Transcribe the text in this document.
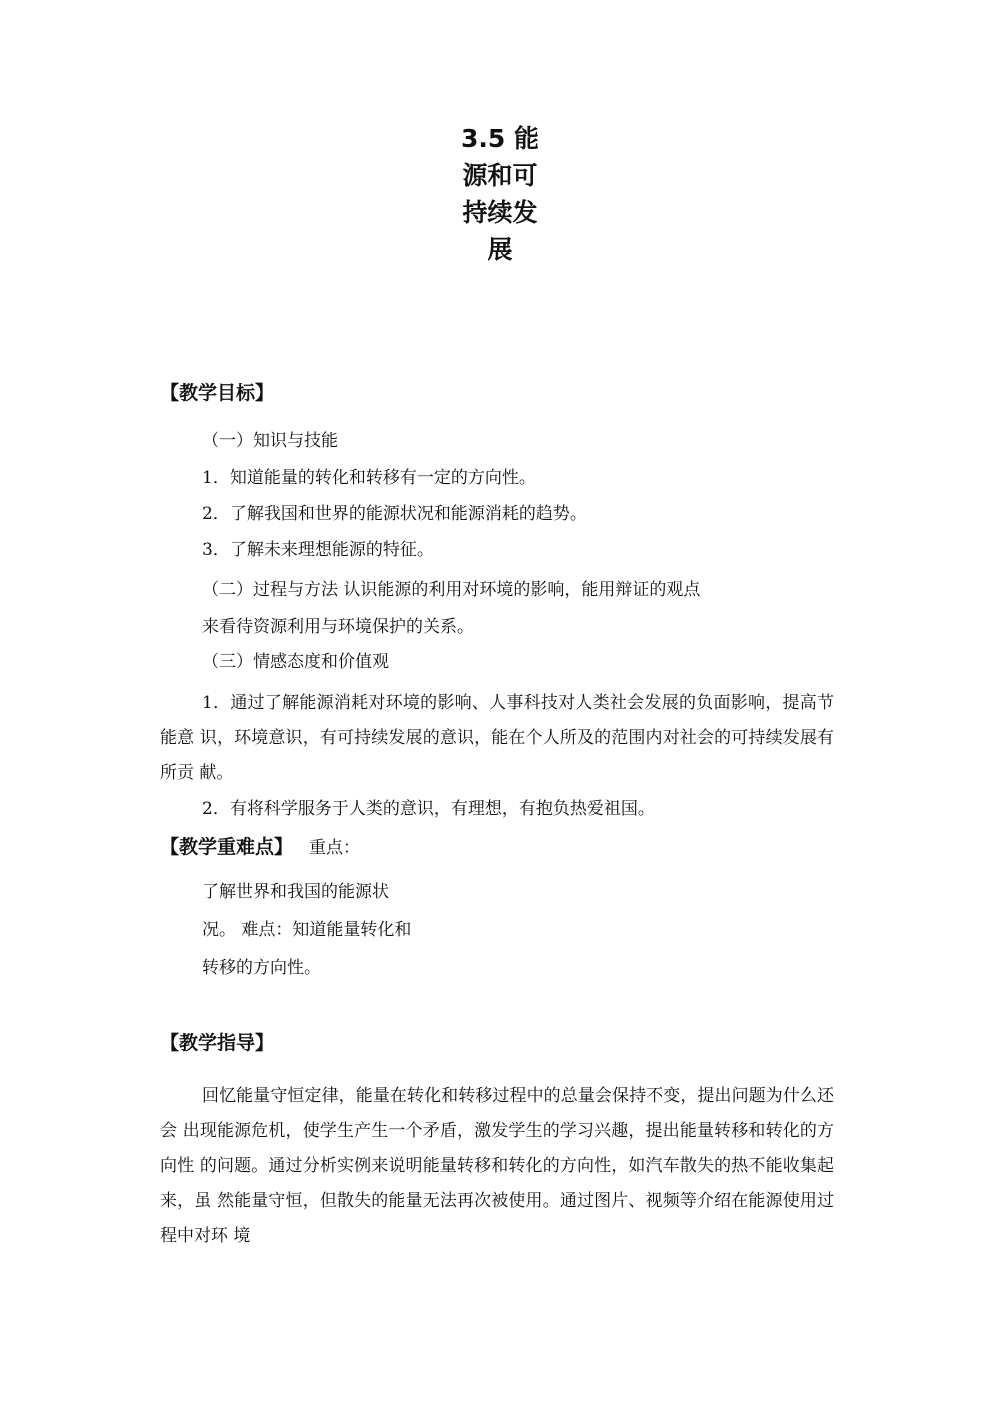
3.5 能
源和可
持续发
展
【教学目标】
（一）知识与技能
1．知道能量的转化和转移有一定的方向性。
2．了解我国和世界的能源状况和能源消耗的趋势。
3．了解未来理想能源的特征。
（二）过程与方法 认识能源的利用对环境的影响，能用辩证的观点
来看待资源利用与环境保护的关系。
（三）情感态度和价值观

1．通过了解能源消耗对环境的影响、人事科技对人类社会发展的负面影响，提高节能意 识，环境意识，有可持续发展的意识，能在个人所及的范围内对社会的可持续发展有所贡 献。

2．有将科学服务于人类的意识，有理想，有抱负热爱祖国。
【教学重难点】 重点：

了解世界和我国的能源状况。 难点：知道能量转化和转移的方向性。

【教学指导】

回忆能量守恒定律，能量在转化和转移过程中的总量会保持不变，提出问题为什么还会 出现能源危机，使学生产生一个矛盾，激发学生的学习兴趣，提出能量转移和转化的方向性 的问题。通过分析实例来说明能量转移和转化的方向性，如汽车散失的热不能收集起来，虽 然能量守恒，但散失的能量无法再次被使用。通过图片、视频等介绍在能源使用过程中对环 境
